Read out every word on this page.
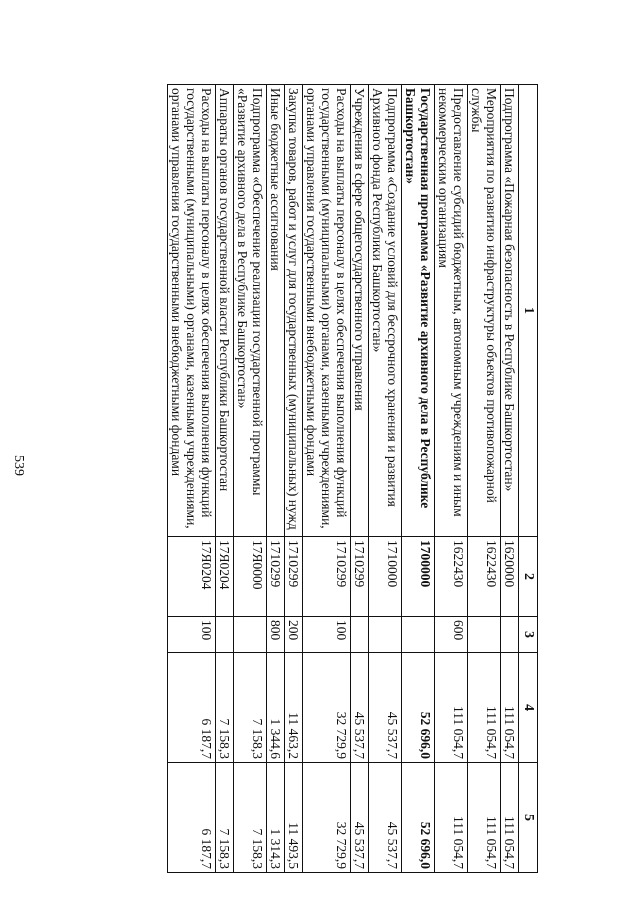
539
1	2	3	4	5
Подпрограмма «Пожарная безопасность в Республике Башкортостан»	1620000		111 054,7	111 054,7
Мероприятия по развитию инфраструктуры объектов противопожарной службы	1622430		111 054,7	111 054,7
Предоставление субсидий бюджетным, автономным учреждениям и иным некоммерческим организациям	1622430	600	111 054,7	111 054,7
Государственная программа «Развитие архивного дела в Республике Башкортостан»	1700000		52 696,0	52 696,0
Подпрограмма «Создание условий для бессрочного хранения и развития Архивного фонда Республики Башкортостан»	1710000		45 537,7	45 537,7
Учреждения в сфере общегосударственного управления	1710299		45 537,7	45 537,7
Расходы на выплаты персоналу в целях обеспечения выполнения функций государственными (муниципальными) органами, казенными учреждениями, органами управления государственными внебюджетными фондами	1710299	100	32 729,9	32 729,9
Закупка товаров, работ и услуг для государственных (муниципальных) нужд	1710299	200	11 463,2	11 493,5
Иные бюджетные ассигнования	1710299	800	1 344,6	1 314,3
Подпрограмма «Обеспечение реализации государственной программы «Развитие архивного дела в Республике Башкортостан»	17Я0000		7 158,3	7 158,3
Аппараты органов государственной власти Республики Башкортостан	17Я0204		7 158,3	7 158,3
Расходы на выплаты персоналу в целях обеспечения выполнения функций государственными (муниципальными) органами, казенными учреждениями, органами управления государственными внебюджетными фондами	17Я0204	100	6 187,7	6 187,7
